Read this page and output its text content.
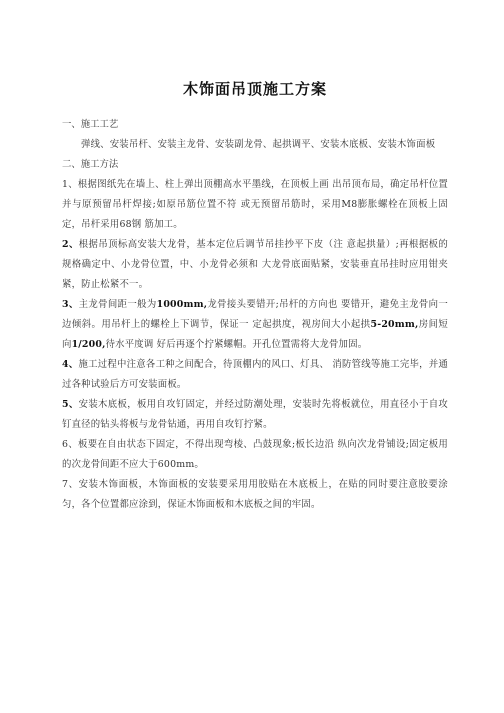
木饰面吊顶施工方案

一、施工工艺

弹线、安装吊杆、安装主龙骨、安装副龙骨、起拱调平、安装木底板、安装木饰面板

二、施工方法

1、根据图纸先在墙上、柱上弹出顶棚高水平墨线，在顶板上画 出吊顶布局，确定吊杆位置并与原预留吊杆焊接;如原吊筋位置不符 或无预留吊筋时，采用M8膨胀螺栓在顶板上固定，吊杆采用68钢 筋加工。

2、根据吊顶标高安装大龙骨，基本定位后调节吊挂抄平下皮（注 意起拱量）;再根据板的规格确定中、小龙骨位置，中、小龙骨必须和 大龙骨底面贴紧，安装垂直吊挂时应用钳夹紧，防止松紧不一。

3、主龙骨间距一般为1000mm,龙骨接头要错开;吊杆的方向也 要错开，避免主龙骨向一边倾斜。用吊杆上的螺栓上下调节，保证一 定起拱度，视房间大小起拱5-20mm,房间短向1/200,待水平度调 好后再逐个拧紧螺帽。开孔位置需将大龙骨加固。

4、施工过程中注意各工种之间配合，待顶棚内的风口、灯具、 消防管线等施工完毕，并通过各种试验后方可安装面板。

5、安装木底板，板用自攻钉固定，并经过防潮处理，安装时先将板就位，用直径小于自攻钉直径的钻头将板与龙骨钻通，再用自攻钉拧紧。

6、板要在自由状态下固定，不得出现弯棱、凸鼓现象;板长边沿 纵向次龙骨铺设;固定板用的次龙骨间距不应大于600mm。

7、安装木饰面板，木饰面板的安装要采用用胶贴在木底板上，在贴的同时要注意胶要涂匀，各个位置都应涂到，保证木饰面板和木底板之间的牢固。
